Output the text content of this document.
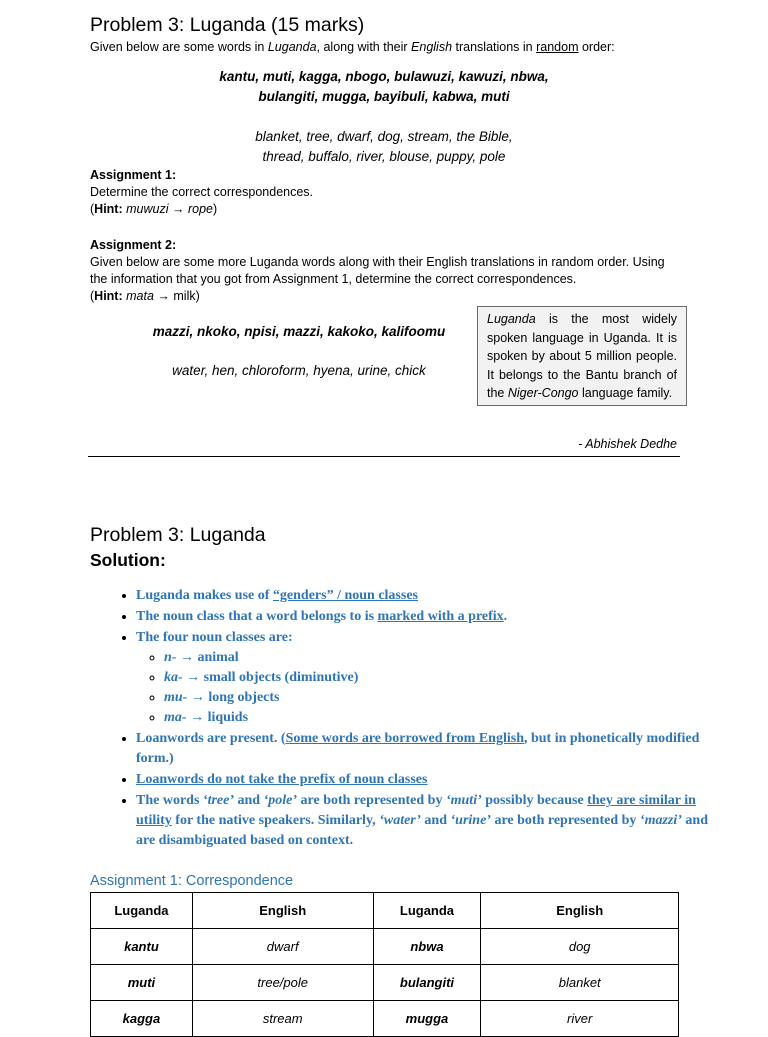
Problem 3: Luganda (15 marks)
Given below are some words in Luganda, along with their English translations in random order:
kantu, muti, kagga, nbogo, bulawuzi, kawuzi, nbwa,
bulangiti, mugga, bayibuli, kabwa, muti
blanket, tree, dwarf, dog, stream, the Bible,
thread, buffalo, river, blouse, puppy, pole
Assignment 1:
Determine the correct correspondences.
(Hint: muwuzi → rope)
Assignment 2:
Given below are some more Luganda words along with their English translations in random order. Using
the information that you got from Assignment 1, determine the correct correspondences.
(Hint: mata → milk)
mazzi, nkoko, npisi, mazzi, kakoko, kalifoomu
water, hen, chloroform, hyena, urine, chick
Luganda is the most widely spoken language in Uganda. It is spoken by about 5 million people. It belongs to the Bantu branch of the Niger-Congo language family.
- Abhishek Dedhe
Problem 3: Luganda
Solution:
• Luganda makes use of “genders” / noun classes
• The noun class that a word belongs to is marked with a prefix.
• The four noun classes are:
◦ n- → animal
◦ ka- → small objects (diminutive)
◦ mu- → long objects
◦ ma- → liquids
• Loanwords are present. (Some words are borrowed from English, but in phonetically modified form.)
• Loanwords do not take the prefix of noun classes
• The words ‘tree’ and ‘pole’ are both represented by ‘muti’ possibly because they are similar in utility for the native speakers. Similarly, ‘water’ and ‘urine’ are both represented by ‘mazzi’ and are disambiguated based on context.
Assignment 1: Correspondence
Luganda	English	Luganda	English
kantu	dwarf	nbwa	dog
muti	tree/pole	bulangiti	blanket
kagga	stream	mugga	river
